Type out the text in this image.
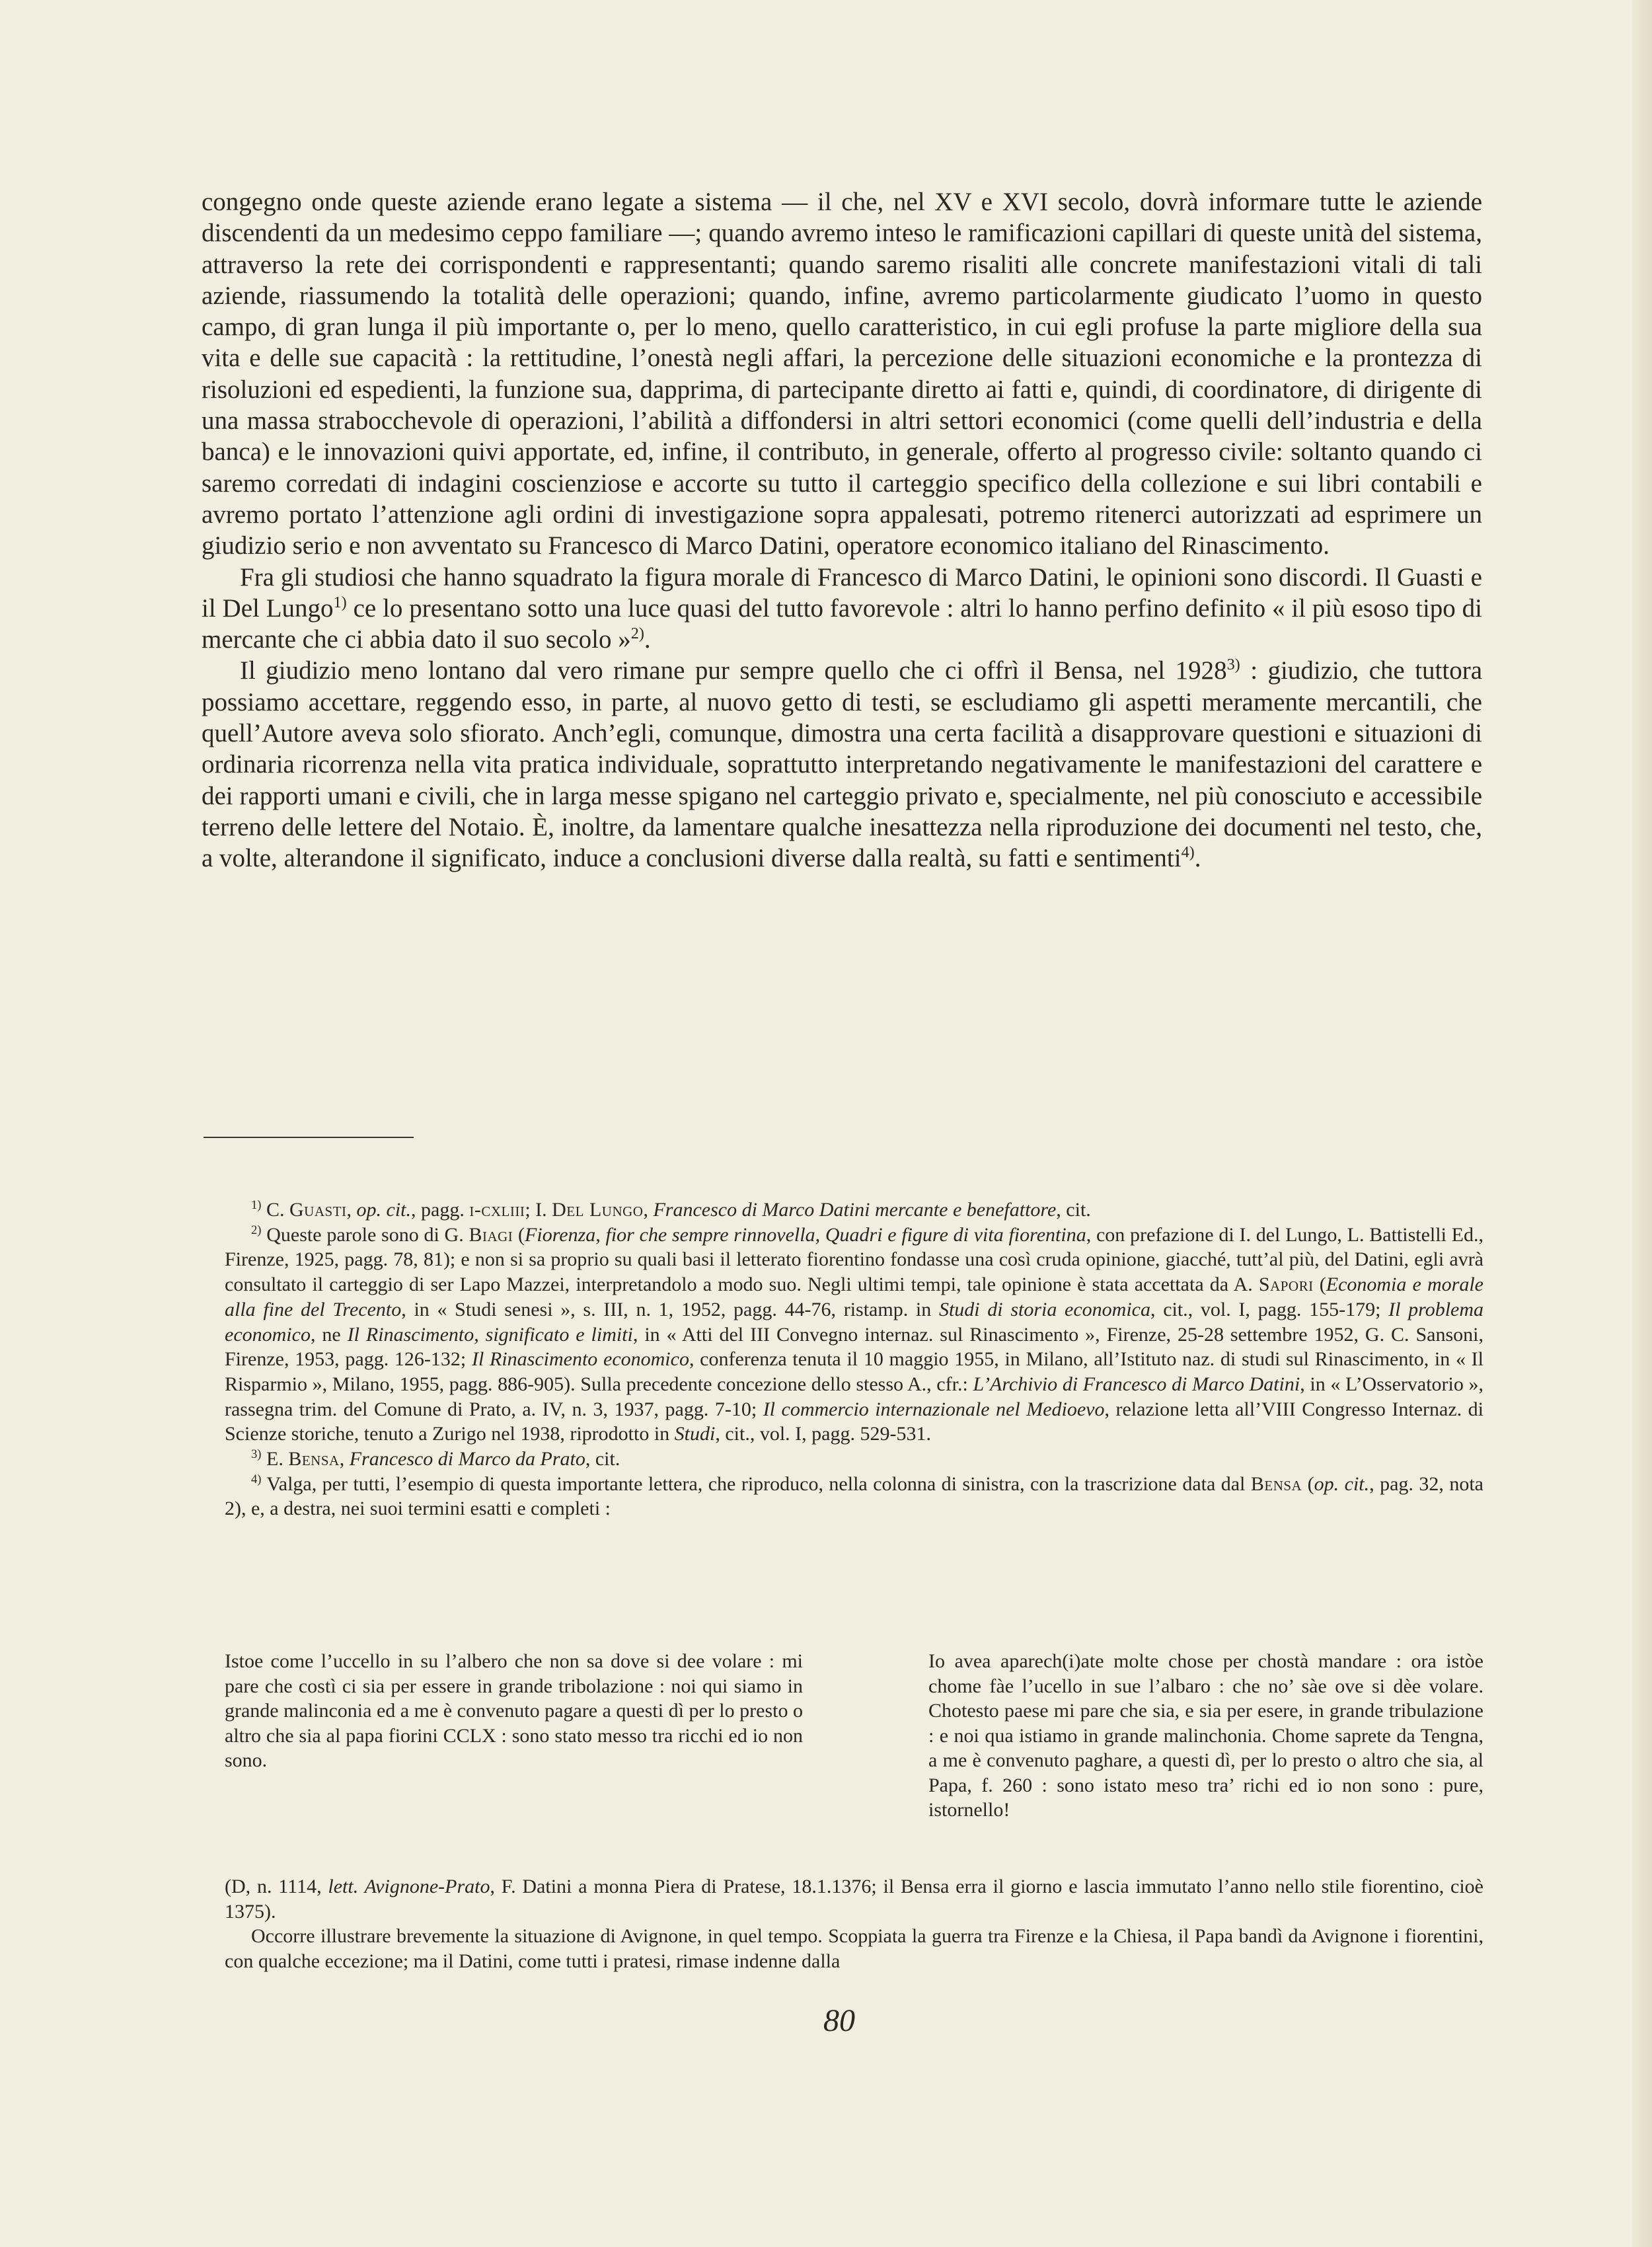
congegno onde queste aziende erano legate a sistema — il che, nel XV e XVI secolo, dovrà informare tutte le aziende discendenti da un medesimo ceppo familiare —; quando avremo inteso le ramificazioni capillari di queste unità del sistema, attraverso la rete dei corrispondenti e rappresentanti; quando saremo risaliti alle concrete manifestazioni vitali di tali aziende, riassumendo la totalità delle operazioni; quando, infine, avremo particolarmente giudicato l’uomo in questo campo, di gran lunga il più importante o, per lo meno, quello caratteristico, in cui egli profuse la parte migliore della sua vita e delle sue capacità : la rettitudine, l’onestà negli affari, la percezione delle situazioni economiche e la prontezza di risoluzioni ed espedienti, la funzione sua, dapprima, di partecipante diretto ai fatti e, quindi, di coordinatore, di dirigente di una massa strabocchevole di operazioni, l’abilità a diffondersi in altri settori economici (come quelli dell’industria e della banca) e le innovazioni quivi apportate, ed, infine, il contributo, in generale, offerto al progresso civile: soltanto quando ci saremo corredati di indagini coscienziose e accorte su tutto il carteggio specifico della collezione e sui libri contabili e avremo portato l’attenzione agli ordini di investigazione sopra appalesati, potremo ritenerci autorizzati ad esprimere un giudizio serio e non avventato su Francesco di Marco Datini, operatore economico italiano del Rinascimento.

Fra gli studiosi che hanno squadrato la figura morale di Francesco di Marco Datini, le opinioni sono discordi. Il Guasti e il Del Lungo$^{1)}$ ce lo presentano sotto una luce quasi del tutto favorevole : altri lo hanno perfino definito « il più esoso tipo di mercante che ci abbia dato il suo secolo »$^{2)}$.

Il giudizio meno lontano dal vero rimane pur sempre quello che ci offrì il Bensa, nel 1928$^{3)}$ : giudizio, che tuttora possiamo accettare, reggendo esso, in parte, al nuovo getto di testi, se escludiamo gli aspetti meramente mercantili, che quell’Autore aveva solo sfiorato. Anch’egli, comunque, dimostra una certa facilità a disapprovare questioni e situazioni di ordinaria ricorrenza nella vita pratica individuale, soprattutto interpretando negativamente le manifestazioni del carattere e dei rapporti umani e civili, che in larga messe spigano nel carteggio privato e, specialmente, nel più conosciuto e accessibile terreno delle lettere del Notaio. È, inoltre, da lamentare qualche inesattezza nella riproduzione dei documenti nel testo, che, a volte, alterandone il significato, induce a conclusioni diverse dalla realtà, su fatti e sentimenti$^{4)}$.

$^{1)}$ C. Guasti, op. cit., pagg. i-cxliii; I. Del Lungo, Francesco di Marco Datini mercante e benefattore, cit.

$^{2)}$ Queste parole sono di G. Biagi (Fiorenza, fior che sempre rinnovella, Quadri e figure di vita fiorentina, con prefazione di I. del Lungo, L. Battistelli Ed., Firenze, 1925, pagg. 78, 81); e non si sa proprio su quali basi il letterato fiorentino fondasse una così cruda opinione, giacché, tutt’al più, del Datini, egli avrà consultato il carteggio di ser Lapo Mazzei, interpretandolo a modo suo. Negli ultimi tempi, tale opinione è stata accettata da A. Sapori (Economia e morale alla fine del Trecento, in « Studi senesi », s. III, n. 1, 1952, pagg. 44-76, ristamp. in Studi di storia economica, cit., vol. I, pagg. 155-179; Il problema economico, ne Il Rinascimento, significato e limiti, in « Atti del III Convegno internaz. sul Rinascimento », Firenze, 25-28 settembre 1952, G. C. Sansoni, Firenze, 1953, pagg. 126-132; Il Rinascimento economico, conferenza tenuta il 10 maggio 1955, in Milano, all’Istituto naz. di studi sul Rinascimento, in « Il Risparmio », Milano, 1955, pagg. 886-905). Sulla precedente concezione dello stesso A., cfr.: L’Archivio di Francesco di Marco Datini, in « L’Osservatorio », rassegna trim. del Comune di Prato, a. IV, n. 3, 1937, pagg. 7-10; Il commercio internazionale nel Medioevo, relazione letta all’VIII Congresso Internaz. di Scienze storiche, tenuto a Zurigo nel 1938, riprodotto in Studi, cit., vol. I, pagg. 529-531.

$^{3)}$ E. Bensa, Francesco di Marco da Prato, cit.

$^{4)}$ Valga, per tutti, l’esempio di questa importante lettera, che riproduco, nella colonna di sinistra, con la trascrizione data dal Bensa (op. cit., pag. 32, nota 2), e, a destra, nei suoi termini esatti e completi :

Istoe come l’uccello in su l’albero che non sa dove si dee volare : mi pare che costì ci sia per essere in grande tribolazione : noi qui siamo in grande malinconia ed a me è convenuto pagare a questi dì per lo presto o altro che sia al papa fiorini CCLX : sono stato messo tra ricchi ed io non sono.

Io avea aparech(i)ate molte chose per chostà mandare : ora istòe chome fàe l’ucello in sue l’albaro : che no’ sàe ove si dèe volare. Chotesto paese mi pare che sia, e sia per esere, in grande tribulazione : e noi qua istiamo in grande malinchonia. Chome saprete da Tengna, a me è convenuto paghare, a questi dì, per lo presto o altro che sia, al Papa, f. 260 : sono istato meso tra’ richi ed io non sono : pure, istornello!

(D, n. 1114, lett. Avignone-Prato, F. Datini a monna Piera di Pratese, 18.1.1376; il Bensa erra il giorno e lascia immutato l’anno nello stile fiorentino, cioè 1375).

Occorre illustrare brevemente la situazione di Avignone, in quel tempo. Scoppiata la guerra tra Firenze e la Chiesa, il Papa bandì da Avignone i fiorentini, con qualche eccezione; ma il Datini, come tutti i pratesi, rimase indenne dalla

80
